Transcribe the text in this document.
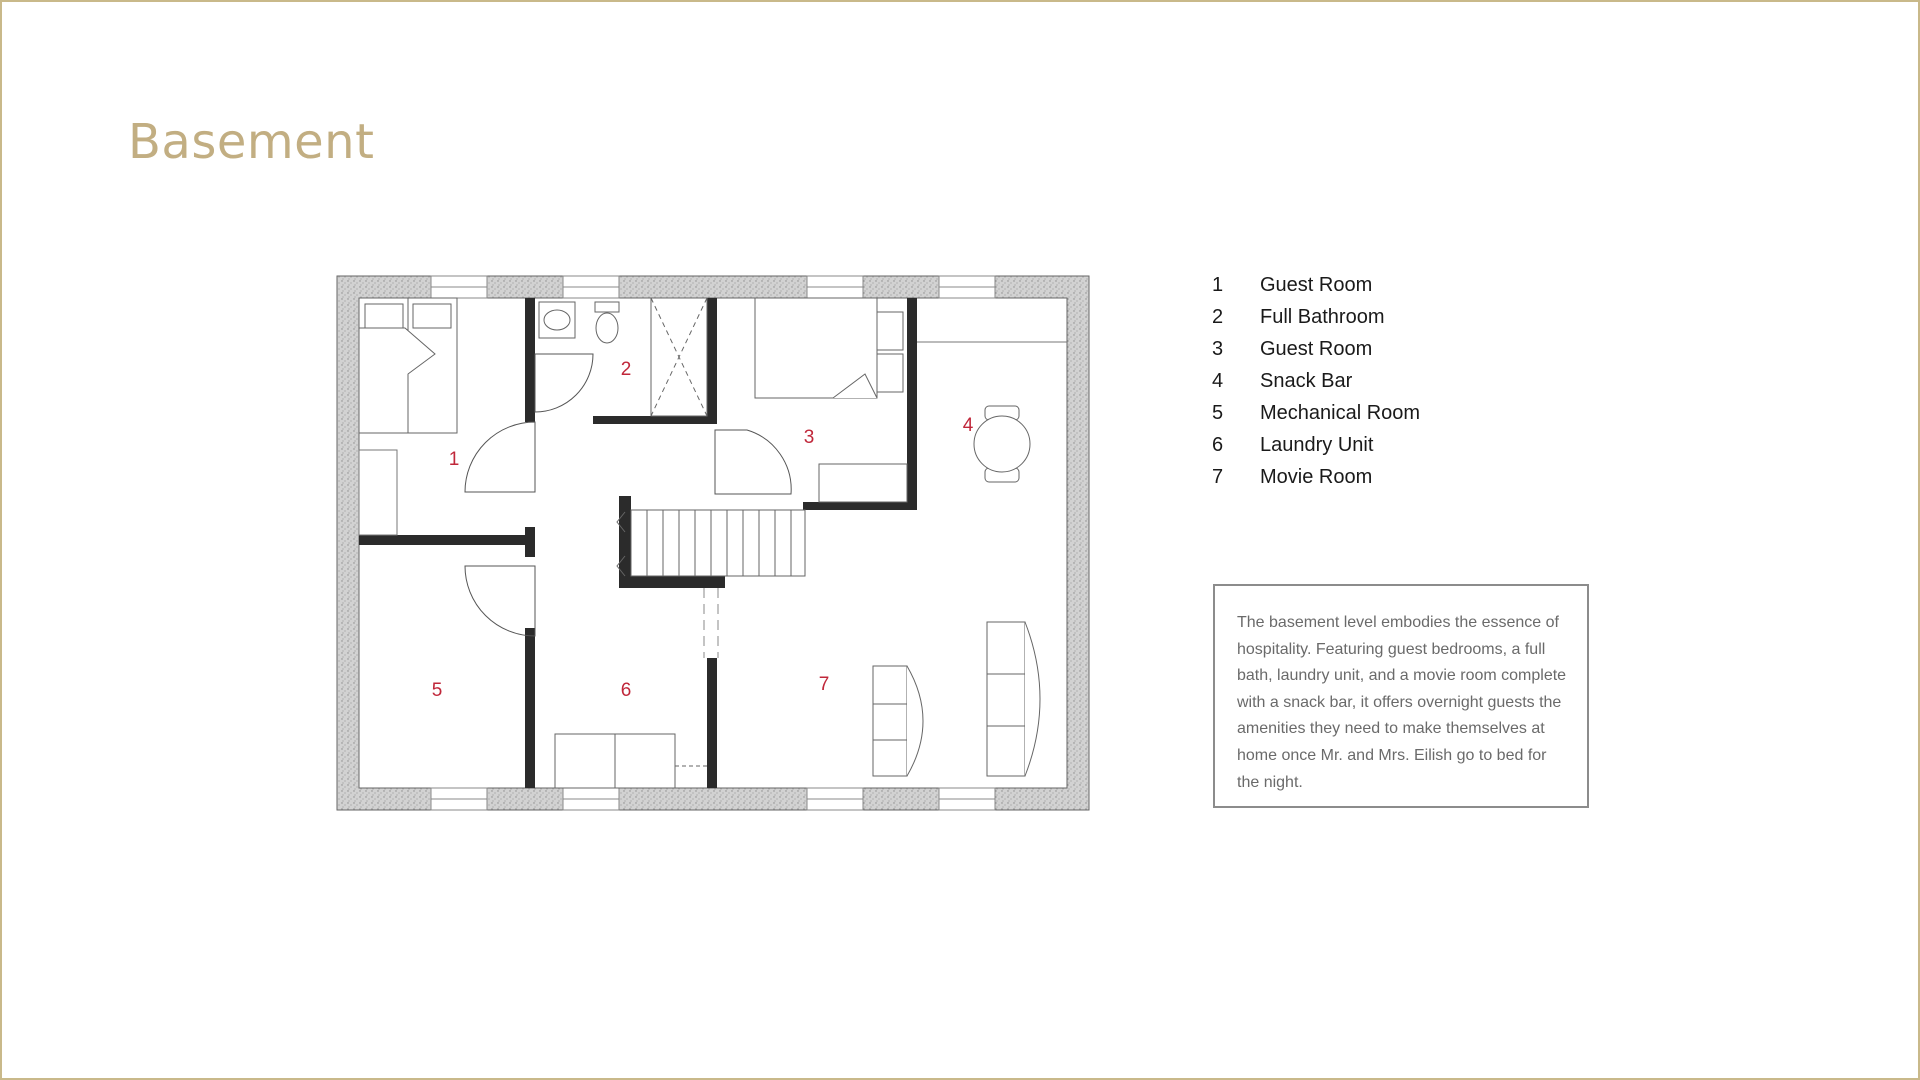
Basement
1
2
3
4
5	6	7
1	Guest Room
2	Full Bathroom
3	Guest Room
4	Snack Bar
5	Mechanical Room
6	Laundry Unit
7	Movie Room

The basement level embodies the essence of hospitality. Featuring guest bedrooms, a full bath, laundry unit, and a movie room complete with a snack bar, it offers overnight guests the amenities they need to make themselves at home once Mr. and Mrs. Eilish go to bed for the night.
